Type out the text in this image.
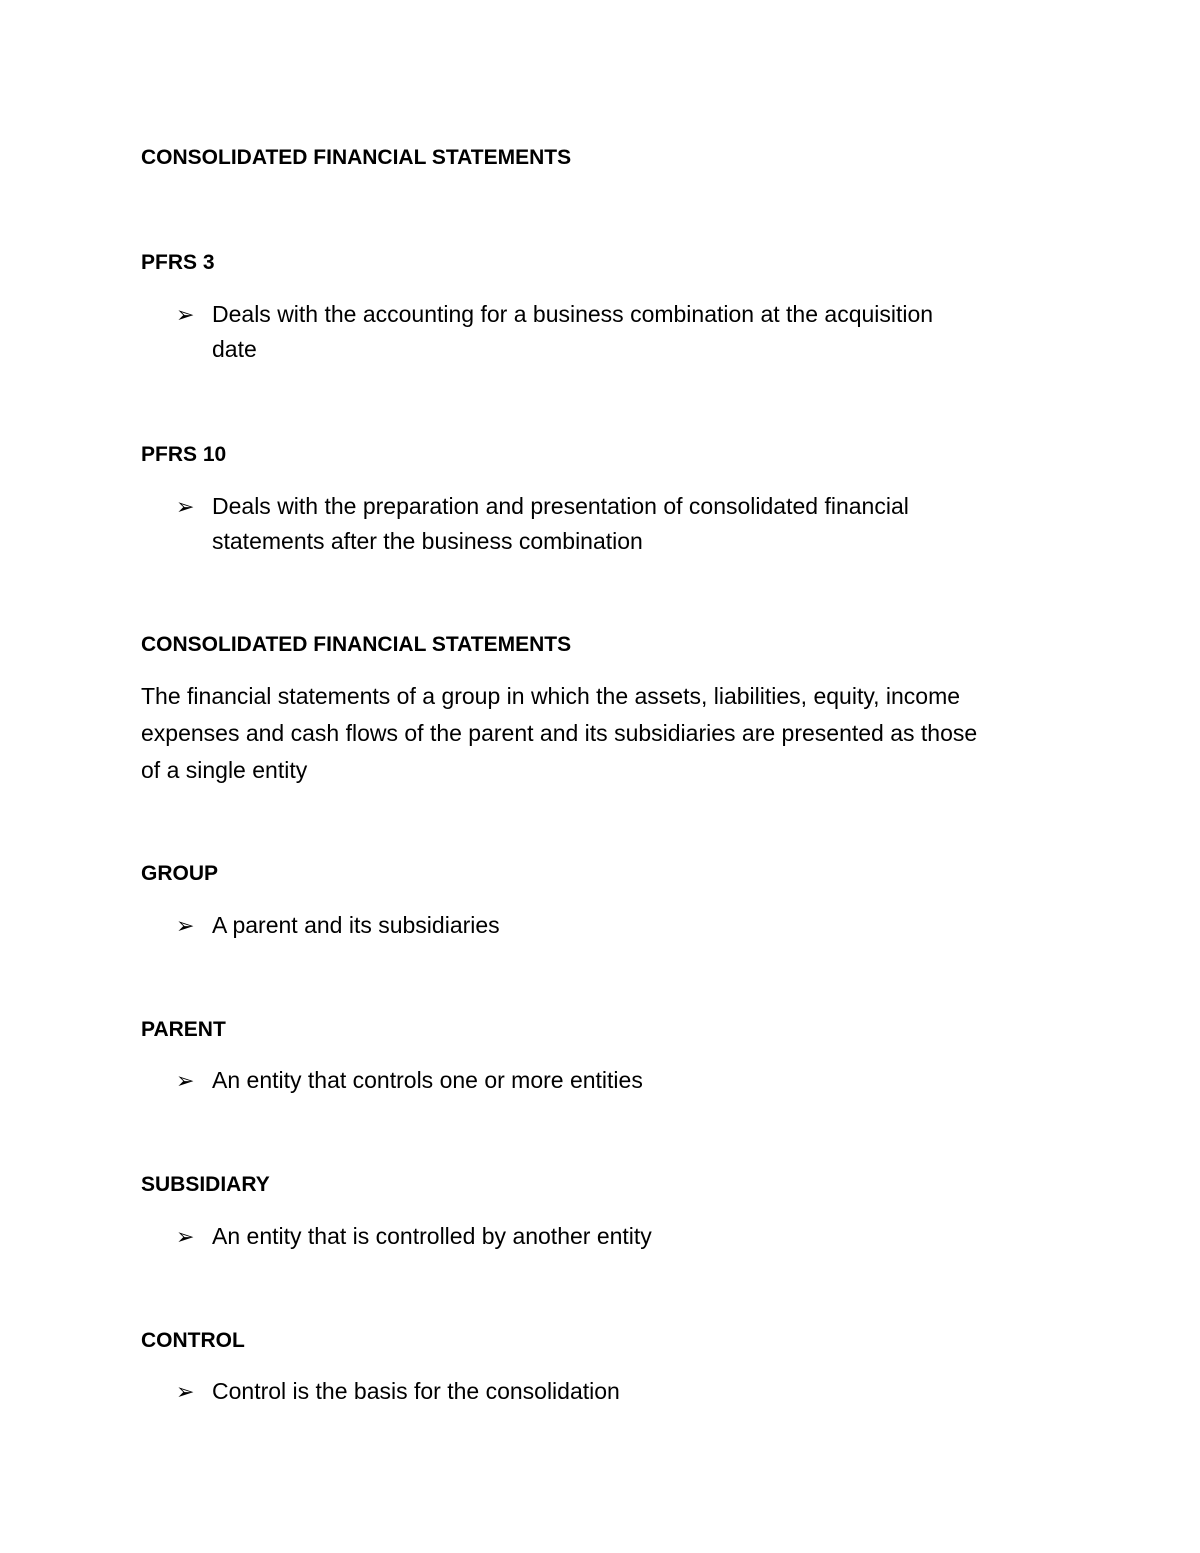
CONSOLIDATED FINANCIAL STATEMENTS
PFRS 3
➢ Deals with the accounting for a business combination at the acquisition
date
PFRS 10
➢ Deals with the preparation and presentation of consolidated financial
statements after the business combination
CONSOLIDATED FINANCIAL STATEMENTS
The financial statements of a group in which the assets, liabilities, equity, income
expenses and cash flows of the parent and its subsidiaries are presented as those
of a single entity
GROUP
➢ A parent and its subsidiaries
PARENT
➢ An entity that controls one or more entities
SUBSIDIARY
➢ An entity that is controlled by another entity
CONTROL
➢ Control is the basis for the consolidation
